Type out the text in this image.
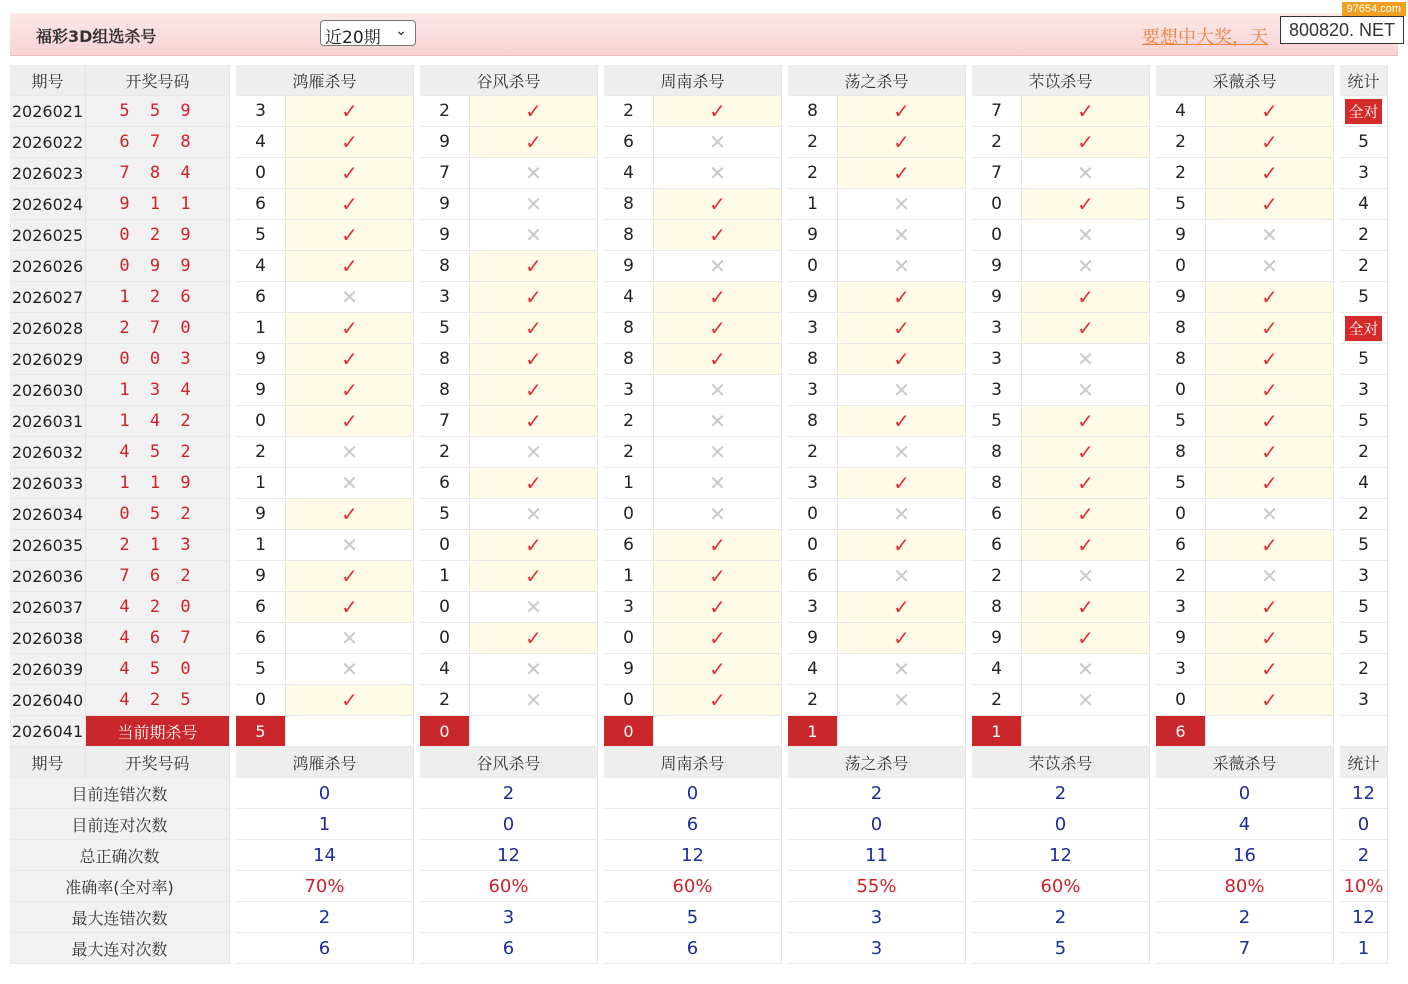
97654.com
福彩3D组选杀号	近20期 ⌄	要想中大奖，天	800820. NET
期号	开奖号码		鸿雁杀号			谷风杀号			周南杀号			荡之杀号			芣苡杀号			采薇杀号			统计
2026021	5 5 9		3	✓		2	✓		2	✓		8	✓		7	✓		4	✓		全对
2026022	6 7 8		4	✓		9	✓		6	✕		2	✓		2	✓		2	✓		5
2026023	7 8 4		0	✓		7	✕		4	✕		2	✓		7	✕		2	✓		3
2026024	9 1 1		6	✓		9	✕		8	✓		1	✕		0	✓		5	✓		4
2026025	0 2 9		5	✓		9	✕		8	✓		9	✕		0	✕		9	✕		2
2026026	0 9 9		4	✓		8	✓		9	✕		0	✕		9	✕		0	✕		2
2026027	1 2 6		6	✕		3	✓		4	✓		9	✓		9	✓		9	✓		5
2026028	2 7 0		1	✓		5	✓		8	✓		3	✓		3	✓		8	✓		全对
2026029	0 0 3		9	✓		8	✓		8	✓		8	✓		3	✕		8	✓		5
2026030	1 3 4		9	✓		8	✓		3	✕		3	✕		3	✕		0	✓		3
2026031	1 4 2		0	✓		7	✓		2	✕		8	✓		5	✓		5	✓		5
2026032	4 5 2		2	✕		2	✕		2	✕		2	✕		8	✓		8	✓		2
2026033	1 1 9		1	✕		6	✓		1	✕		3	✓		8	✓		5	✓		4
2026034	0 5 2		9	✓		5	✕		0	✕		0	✕		6	✓		0	✕		2
2026035	2 1 3		1	✕		0	✓		6	✓		0	✓		6	✓		6	✓		5
2026036	7 6 2		9	✓		1	✓		1	✓		6	✕		2	✕		2	✕		3
2026037	4 2 0		6	✓		0	✕		3	✓		3	✓		8	✓		3	✓		5
2026038	4 6 7		6	✕		0	✓		0	✓		9	✓		9	✓		9	✓		5
2026039	4 5 0		5	✕		4	✕		9	✓		4	✕		4	✕		3	✓		2
2026040	4 2 5		0	✓		2	✕		0	✓		2	✕		2	✕		0	✓		3
2026041	当前期杀号		5			0			0			1			1			6			
期号	开奖号码		鸿雁杀号			谷风杀号			周南杀号			荡之杀号			芣苡杀号			采薇杀号			统计
目前连错次数			0			2			0			2			2			0			12
目前连对次数			1			0			6			0			0			4			0
总正确次数			14			12			12			11			12			16			2
准确率(全对率)			70%			60%			60%			55%			60%			80%			10%
最大连错次数			2			3			5			3			2			2			12
最大连对次数			6			6			6			3			5			7			1
